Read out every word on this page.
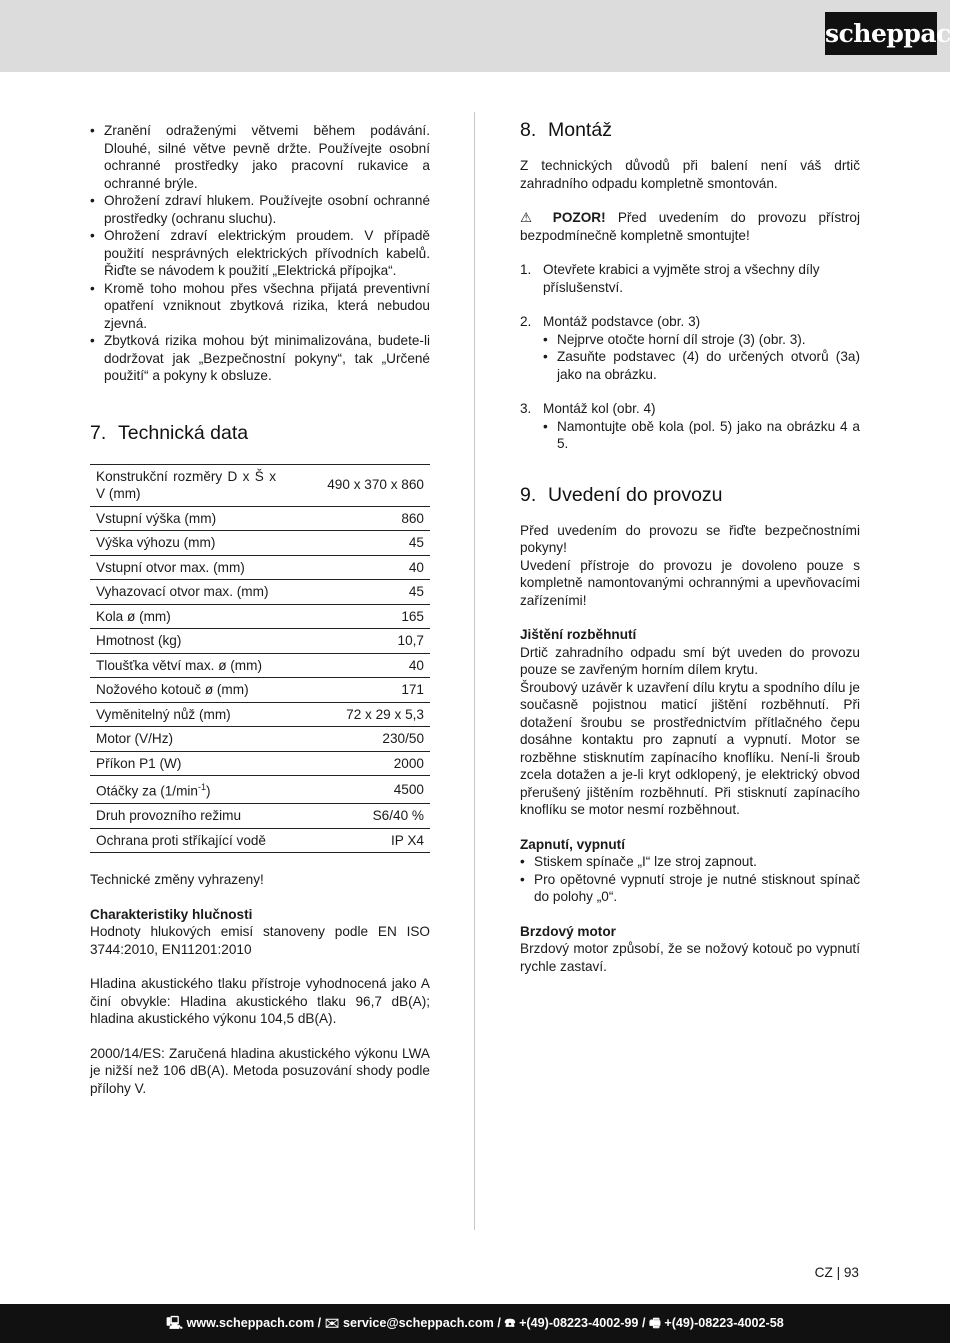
scheppach
• Zranění odraženými větvemi během podávání. Dlouhé, silné větve pevně držte. Používejte osobní ochranné prostředky jako pracovní rukavice a ochranné brýle.
• Ohrožení zdraví hlukem. Používejte osobní ochranné prostředky (ochranu sluchu).
• Ohrožení zdraví elektrickým proudem. V případě použití nesprávných elektrických přívodních kabelů. Řiďte se návodem k použití „Elektrická přípojka“.
• Kromě toho mohou přes všechna přijatá preventivní opatření vzniknout zbytková rizika, která nebudou zjevná.
• Zbytková rizika mohou být minimalizována, budete-li dodržovat jak „Bezpečnostní pokyny“, tak „Určené použití“ a pokyny k obsluze.
7. Technická data
Konstrukční rozměry D x Š x V (mm)	490 x 370 x 860
Vstupní výška (mm)	860
Výška výhozu (mm)	45
Vstupní otvor max. (mm)	40
Vyhazovací otvor max. (mm)	45
Kola ø (mm)	165
Hmotnost (kg)	10,7
Tloušťka větví max. ø (mm)	40
Nožového kotouč ø (mm)	171
Vyměnitelný nůž (mm)	72 x 29 x 5,3
Motor (V/Hz)	230/50
Příkon P1 (W)	2000
Otáčky za $(1/\min^{-1})$	4500
Druh provozního režimu	S6/40 %
Ochrana proti stříkající vodě	IP X4

Technické změny vyhrazeny!

Charakteristiky hlučnosti

Hodnoty hlukových emisí stanoveny podle EN ISO 3744:2010, EN11201:2010

Hladina akustického tlaku přístroje vyhodnocená jako A činí obvykle: Hladina akustického tlaku 96,7 dB(A); hladina akustického výkonu 104,5 dB(A).

2000/14/ES: Zaručená hladina akustického výkonu LWA je nižší než 106 dB(A). Metoda posuzování shody podle přílohy V.

8. Montáž

Z technických důvodů při balení není váš drtič zahradního odpadu kompletně smontován.

⚠ POZOR! Před uvedením do provozu přístroj bezpodmínečně kompletně smontujte!

1. Otevřete krabici a vyjměte stroj a všechny díly příslušenství.
2. Montáž podstavce (obr. 3)
• Nejprve otočte horní díl stroje (3) (obr. 3).
• Zasuňte podstavec (4) do určených otvorů (3a) jako na obrázku.
3. Montáž kol (obr. 4)
• Namontujte obě kola (pol. 5) jako na obrázku 4 a 5.
9. Uvedení do provozu

Před uvedením do provozu se řiďte bezpečnostními pokyny!

Uvedení přístroje do provozu je dovoleno pouze s kompletně namontovanými ochrannými a upevňovacími zařízeními!

Jištění rozběhnutí

Drtič zahradního odpadu smí být uveden do provozu pouze se zavřeným horním dílem krytu.

Šroubový uzávěr k uzavření dílu krytu a spodního dílu je současně pojistnou maticí jištění rozběhnutí. Při dotažení šroubu se prostřednictvím přítlačného čepu dosáhne kontaktu pro zapnutí a vypnutí. Motor se rozběhne stisknutím zapínacího knoflíku. Není-li šroub zcela dotažen a je-li kryt odklopený, je elektrický obvod přerušený jištěním rozběhnutí. Při stisknutí zapínacího knoflíku se motor nesmí rozběhnout.

Zapnutí, vypnutí

• Stiskem spínače „I“ lze stroj zapnout.
• Pro opětovné vypnutí stroje je nutné stisknout spínač do polohy „0“.

Brzdový motor

Brzdový motor způsobí, že se nožový kotouč po vypnutí rychle zastaví.

CZ | 93
🖳 www.scheppach.com / ✉ service@scheppach.com / ☎ +(49)-08223-4002-99 / 🖷 +(49)-08223-4002-58
